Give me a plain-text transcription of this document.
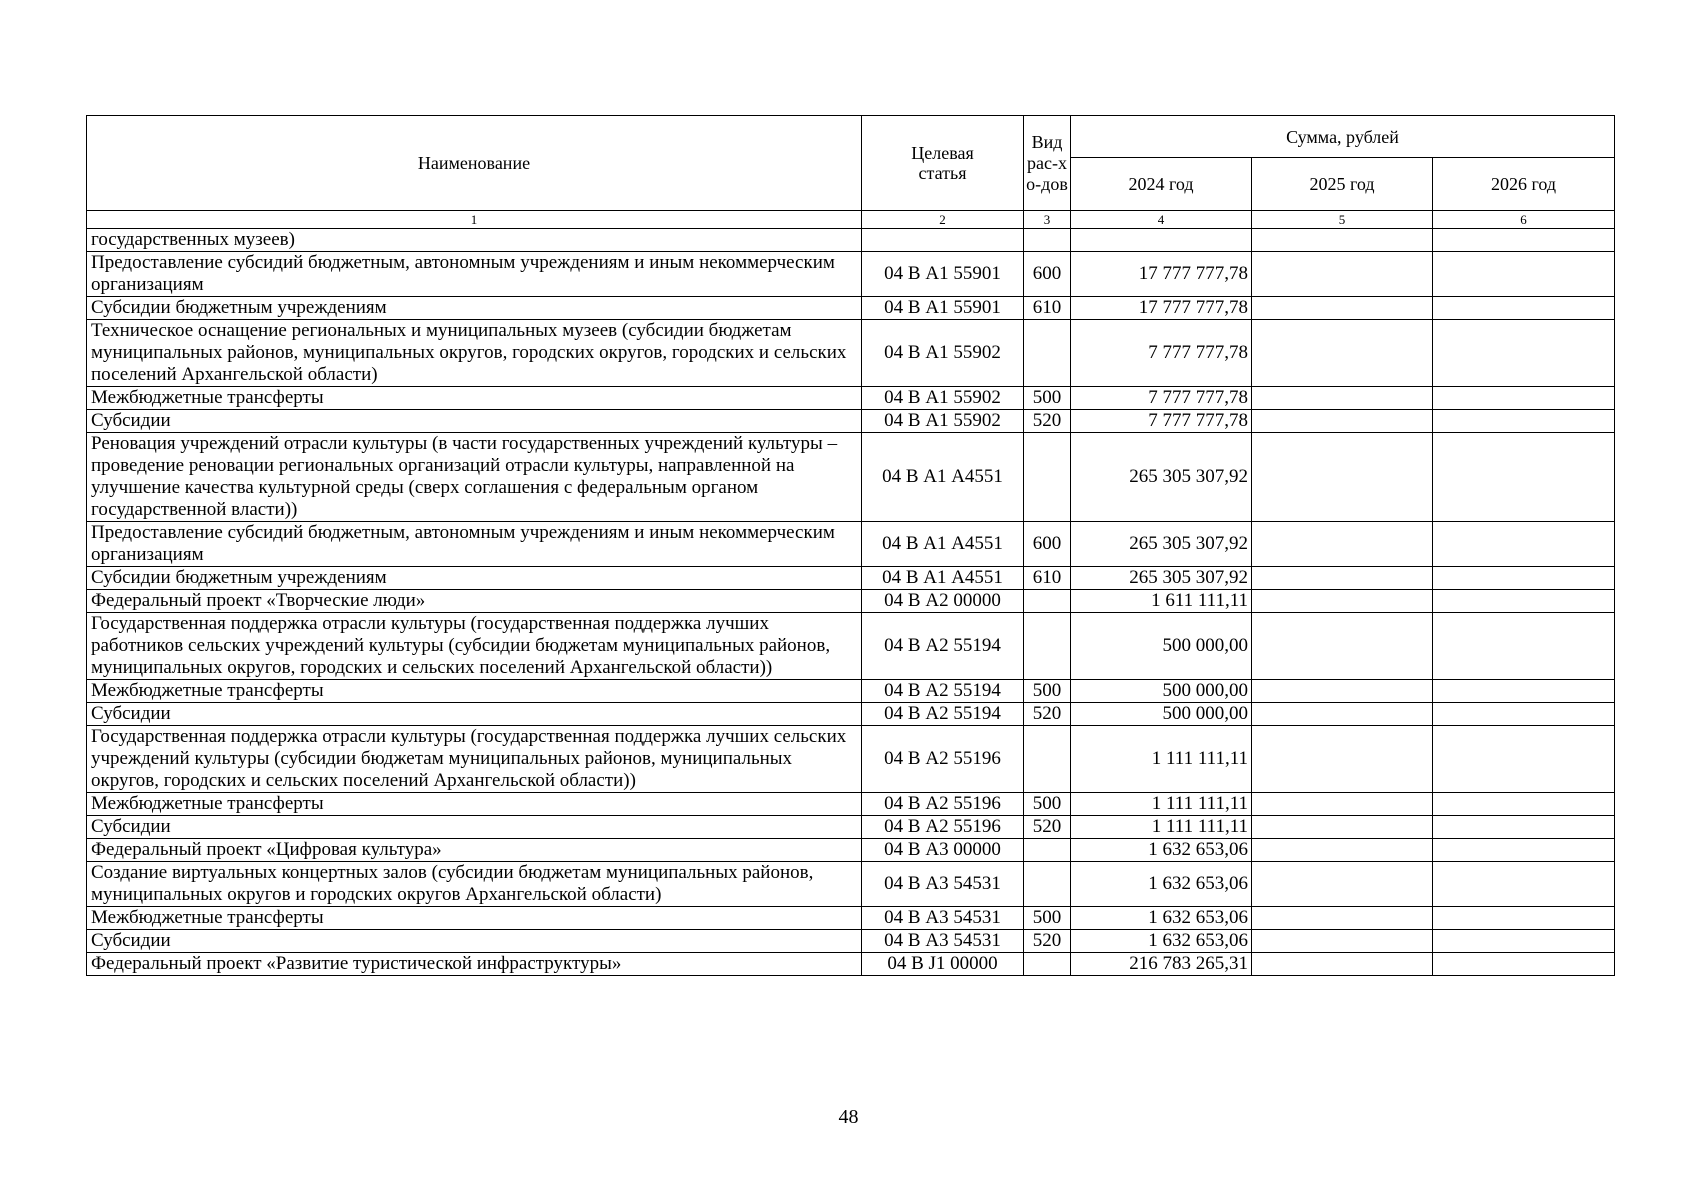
Наименование	Целевая статья	Вид рас-хо-дов	Сумма, рублей		
			2024 год	2025 год	2026 год
1	2	3	4	5	6
государственных музеев)					
Предоставление субсидий бюджетным, автономным учреждениям и иным некоммерческим организациям	04 В А1 55901	600	17 777 777,78		
Субсидии бюджетным учреждениям	04 В А1 55901	610	17 777 777,78		
Техническое оснащение региональных и муниципальных музеев (субсидии бюджетам муниципальных районов, муниципальных округов, городских округов, городских и сельских поселений Архангельской области)	04 В А1 55902		7 777 777,78		
Межбюджетные трансферты	04 В А1 55902	500	7 777 777,78		
Субсидии	04 В А1 55902	520	7 777 777,78		
Реновация учреждений отрасли культуры (в части государственных учреждений культуры – проведение реновации региональных организаций отрасли культуры, направленной на улучшение качества культурной среды (сверх соглашения с федеральным органом государственной власти))	04 В А1 А4551		265 305 307,92		
Предоставление субсидий бюджетным, автономным учреждениям и иным некоммерческим организациям	04 В А1 А4551	600	265 305 307,92		
Субсидии бюджетным учреждениям	04 В А1 А4551	610	265 305 307,92		
Федеральный проект «Творческие люди»	04 В А2 00000		1 611 111,11		
Государственная поддержка отрасли культуры (государственная поддержка лучших работников сельских учреждений культуры (субсидии бюджетам муниципальных районов, муниципальных округов, городских и сельских поселений Архангельской области))	04 В А2 55194		500 000,00		
Межбюджетные трансферты	04 В А2 55194	500	500 000,00		
Субсидии	04 В А2 55194	520	500 000,00		
Государственная поддержка отрасли культуры (государственная поддержка лучших сельских учреждений культуры (субсидии бюджетам муниципальных районов, муниципальных округов, городских и сельских поселений Архангельской области))	04 В А2 55196		1 111 111,11		
Межбюджетные трансферты	04 В А2 55196	500	1 111 111,11		
Субсидии	04 В А2 55196	520	1 111 111,11		
Федеральный проект «Цифровая культура»	04 В А3 00000		1 632 653,06		
Создание виртуальных концертных залов (субсидии бюджетам муниципальных районов, муниципальных округов и городских округов Архангельской области)	04 В А3 54531		1 632 653,06		
Межбюджетные трансферты	04 В А3 54531	500	1 632 653,06		
Субсидии	04 В А3 54531	520	1 632 653,06		
Федеральный проект «Развитие туристической инфраструктуры»	04 В J1 00000		216 783 265,31		
48
